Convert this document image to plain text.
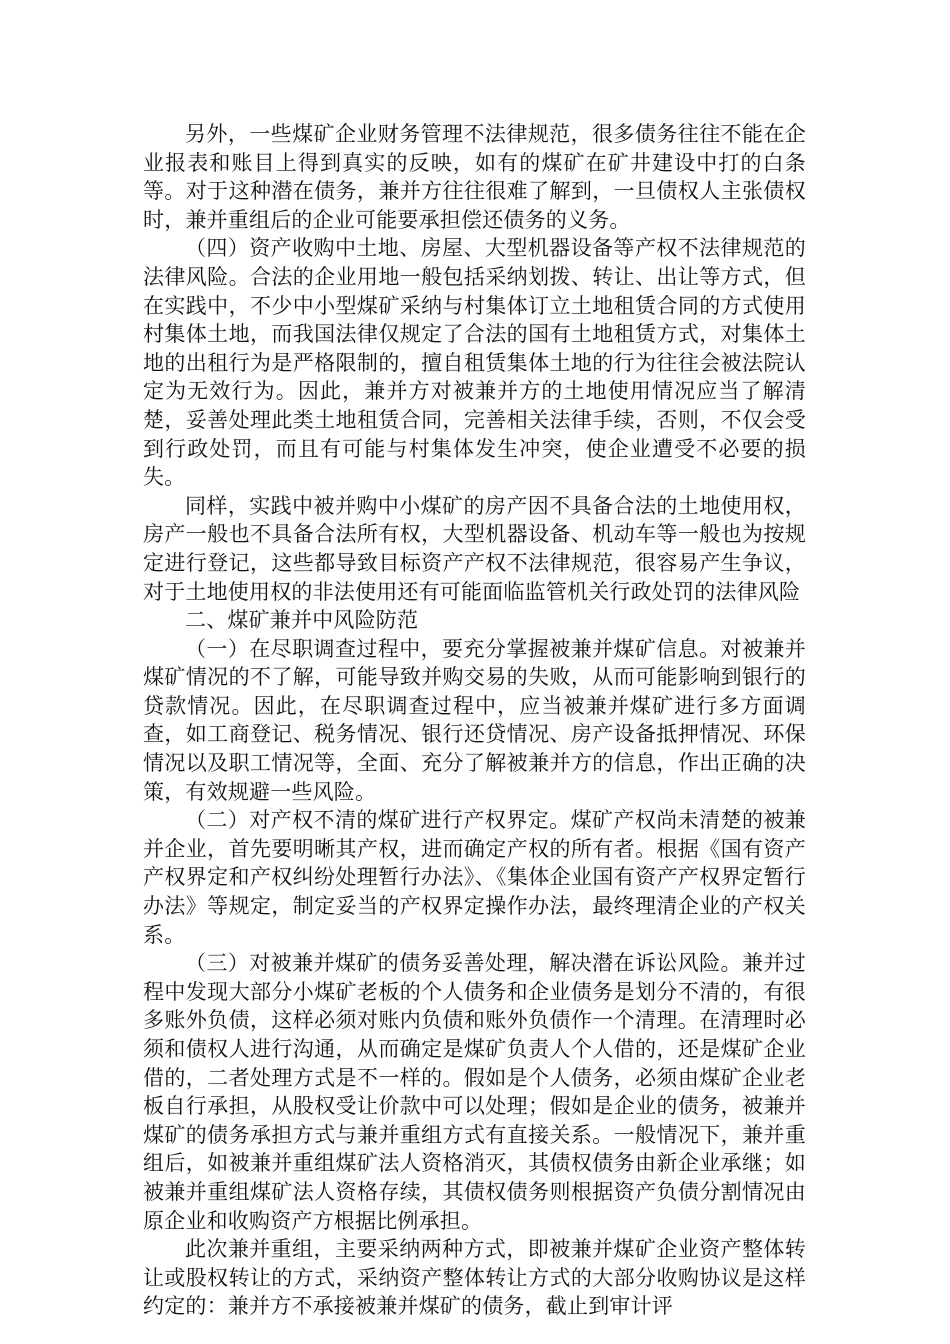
另外，一些煤矿企业财务管理不法律规范，很多债务往往不能在企业报表和账目上得到真实的反映，如有的煤矿在矿井建设中打的白条等。对于这种潜在债务，兼并方往往很难了解到，一旦债权人主张债权时，兼并重组后的企业可能要承担偿还债务的义务。

（四）资产收购中土地、房屋、大型机器设备等产权不法律规范的法律风险。合法的企业用地一般包括采纳划拨、转让、出让等方式，但在实践中，不少中小型煤矿采纳与村集体订立土地租赁合同的方式使用村集体土地，而我国法律仅规定了合法的国有土地租赁方式，对集体土地的出租行为是严格限制的，擅自租赁集体土地的行为往往会被法院认定为无效行为。因此，兼并方对被兼并方的土地使用情况应当了解清楚，妥善处理此类土地租赁合同，完善相关法律手续，否则，不仅会受到行政处罚，而且有可能与村集体发生冲突，使企业遭受不必要的损失。

同样，实践中被并购中小煤矿的房产因不具备合法的土地使用权，房产一般也不具备合法所有权，大型机器设备、机动车等一般也为按规定进行登记，这些都导致目标资产产权不法律规范，很容易产生争议，对于土地使用权的非法使用还有可能面临监管机关行政处罚的法律风险

二、煤矿兼并中风险防范

（一）在尽职调查过程中，要充分掌握被兼并煤矿信息。对被兼并煤矿情况的不了解，可能导致并购交易的失败，从而可能影响到银行的贷款情况。因此，在尽职调查过程中，应当被兼并煤矿进行多方面调查，如工商登记、税务情况、银行还贷情况、房产设备抵押情况、环保情况以及职工情况等，全面、充分了解被兼并方的信息，作出正确的决策，有效规避一些风险。

（二）对产权不清的煤矿进行产权界定。煤矿产权尚未清楚的被兼并企业，首先要明晰其产权，进而确定产权的所有者。根据《国有资产产权界定和产权纠纷处理暂行办法》、《集体企业国有资产产权界定暂行办法》等规定，制定妥当的产权界定操作办法，最终理清企业的产权关系。

（三）对被兼并煤矿的债务妥善处理，解决潜在诉讼风险。兼并过程中发现大部分小煤矿老板的个人债务和企业债务是划分不清的，有很多账外负债，这样必须对账内负债和账外负债作一个清理。在清理时必须和债权人进行沟通，从而确定是煤矿负责人个人借的，还是煤矿企业借的，二者处理方式是不一样的。假如是个人债务，必须由煤矿企业老板自行承担，从股权受让价款中可以处理；假如是企业的债务，被兼并煤矿的债务承担方式与兼并重组方式有直接关系。一般情况下，兼并重组后，如被兼并重组煤矿法人资格消灭，其债权债务由新企业承继；如被兼并重组煤矿法人资格存续，其债权债务则根据资产负债分割情况由原企业和收购资产方根据比例承担。

此次兼并重组，主要采纳两种方式，即被兼并煤矿企业资产整体转让或股权转让的方式，采纳资产整体转让方式的大部分收购协议是这样约定的：兼并方不承接被兼并煤矿的债务，截止到审计评
